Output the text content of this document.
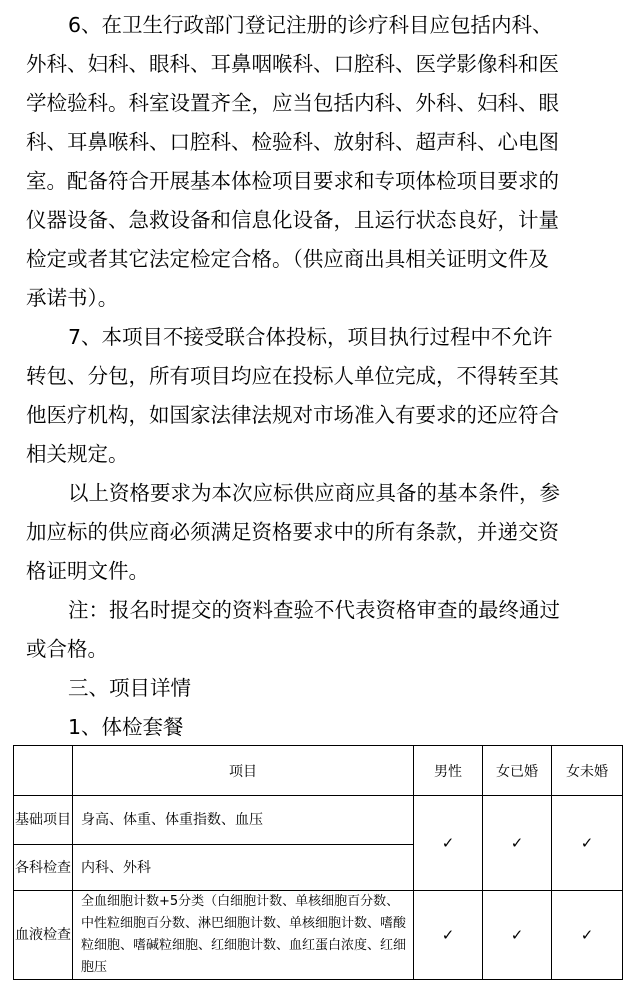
6、在卫生行政部门登记注册的诊疗科目应包括内科、
外科、妇科、眼科、耳鼻咽喉科、口腔科、医学影像科和医
学检验科。科室设置齐全，应当包括内科、外科、妇科、眼
科、耳鼻喉科、口腔科、检验科、放射科、超声科、心电图
室。配备符合开展基本体检项目要求和专项体检项目要求的
仪器设备、急救设备和信息化设备，且运行状态良好，计量
检定或者其它法定检定合格。（供应商出具相关证明文件及
承诺书）。
7、本项目不接受联合体投标，项目执行过程中不允许
转包、分包，所有项目均应在投标人单位完成，不得转至其
他医疗机构，如国家法律法规对市场准入有要求的还应符合
相关规定。
以上资格要求为本次应标供应商应具备的基本条件，参
加应标的供应商必须满足资格要求中的所有条款，并递交资
格证明文件。
注：报名时提交的资料查验不代表资格审查的最终通过
或合格。
三、项目详情
1、体检套餐
	项目	男性	女已婚	女未婚
基础项目	身高、体重、体重指数、血压	✓	✓	✓
各科检查	内科、外科			
血液检查	全血细胞计数+5分类（白细胞计数、单核细胞百分数、中性粒细胞百分数、淋巴细胞计数、单核细胞计数、嗜酸粒细胞、嗜碱粒细胞、红细胞计数、血红蛋白浓度、红细胞压	✓	✓	✓
